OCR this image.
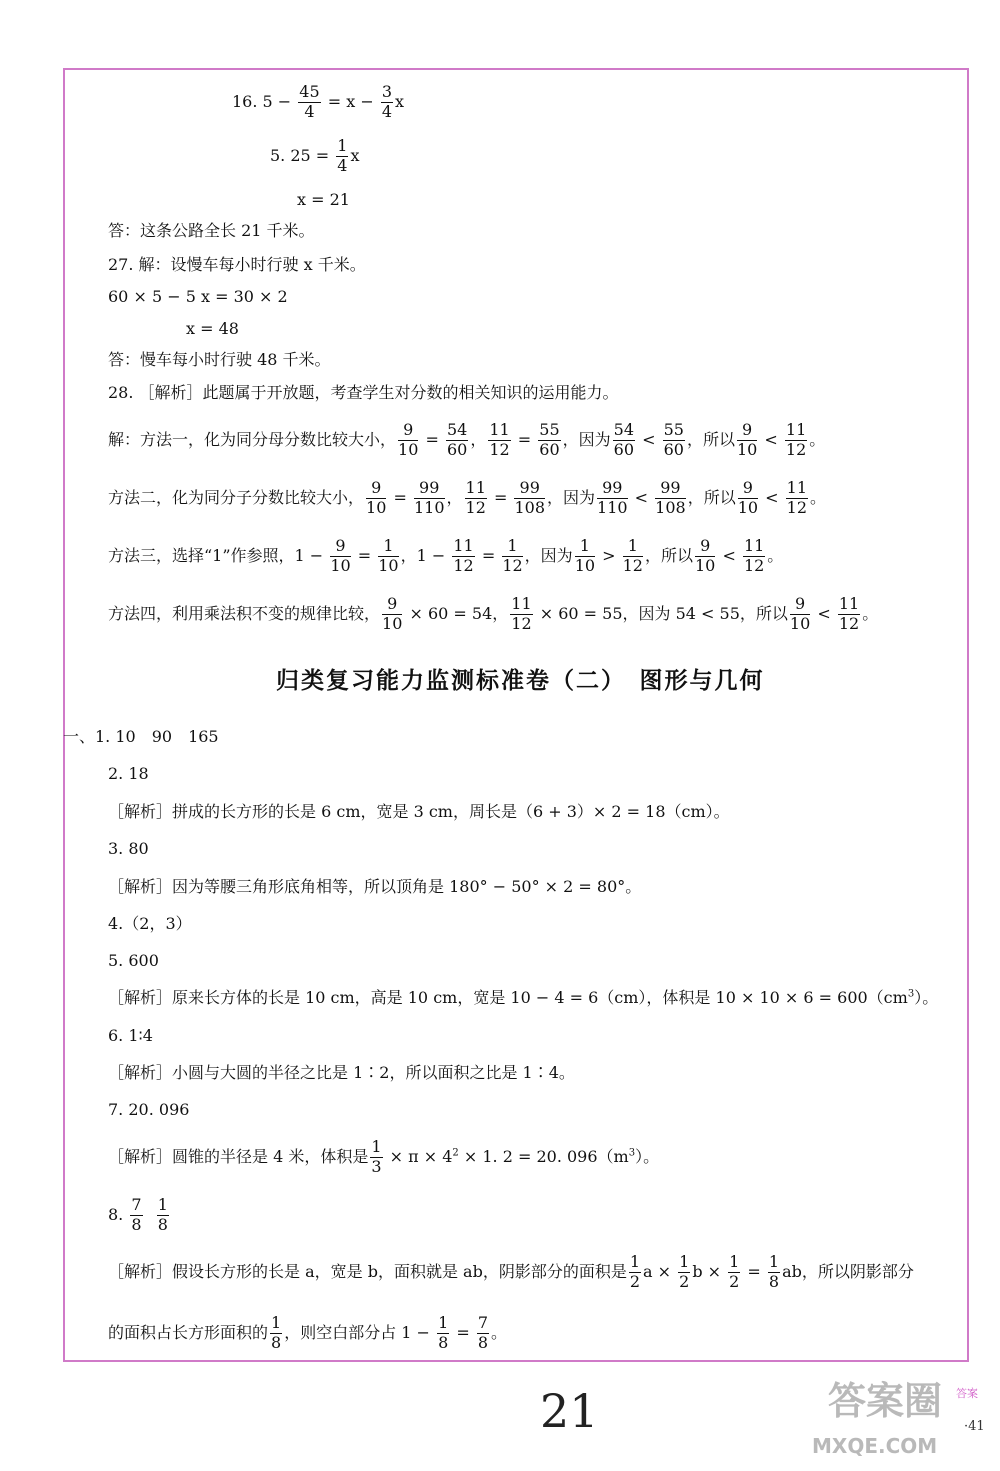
16. $5 - \frac{45}{4} = x - \frac{3}{4}$ x
5. $25 = \frac{1}{4}$ x
x = 21
答：这条公路全长 21 千米。
27. 解：设慢车每小时行驶 x 千米。
60 × 5 − 5 x = 30 × 2
x = 48
答：慢车每小时行驶 48 千米。
28. ［解析］此题属于开放题，考查学生对分数的相关知识的运用能力。
解：方法一，化为同分母分数比较大小， $\frac{9}{10} = \frac{54}{60}$ ， $\frac{11}{12} = \frac{55}{60}$ ，因为 $\frac{54}{60} < \frac{55}{60}$ ，所以 $\frac{9}{10} < \frac{11}{12}$ 。
方法二，化为同分子分数比较大小， $\frac{9}{10} = \frac{99}{110}$ ， $\frac{11}{12} = \frac{99}{108}$ ，因为 $\frac{99}{110} < \frac{99}{108}$ ，所以 $\frac{9}{10} < \frac{11}{12}$ 。
方法三，选择“1”作参照，$1 - \frac{9}{10} = \frac{1}{10}$ ，$1 - \frac{11}{12} = \frac{1}{12}$ ，因为 $\frac{1}{10} > \frac{1}{12}$ ，所以 $\frac{9}{10} < \frac{11}{12}$ 。
方法四，利用乘法积不变的规律比较， $\frac{9}{10} \times 60 = 54$， $\frac{11}{12} \times 60 = 55$，因为 54 < 55，所以 $\frac{9}{10} < \frac{11}{12}$ 。
归类复习能力监测标准卷（二）　图形与几何
一、1. 10　90　165
2. 18
［解析］拼成的长方形的长是 6 cm，宽是 3 cm，周长是（6 + 3）× 2 = 18（cm）。
3. 80
［解析］因为等腰三角形底角相等，所以顶角是 180° − 50° × 2 = 80°。
4.（2，3）
5. 600
［解析］原来长方体的长是 10 cm，高是 10 cm，宽是 10 − 4 = 6（cm），体积是 $10 \times 10 \times 6 = 600(cm^3)$。
6. 1∶4
［解析］小圆与大圆的半径之比是 1∶2，所以面积之比是 1∶4。
7. 20. 096
［解析］圆锥的半径是 4 米，体积是 $\frac{1}{3} \times \pi \times 4^2 \times 1$. 2 = 20. $096(m^3)$。
8. $\frac{7}{8}$
$\frac{1}{8}$
［解析］假设长方形的长是 a，宽是 b，面积就是 ab，阴影部分的面积是 $\frac{1}{2}$ $a \times \frac{1}{2}$ $b \times \frac{1}{2} = \frac{1}{8}$ ab，所以阴影部分
的面积占长方形面积的 $\frac{1}{8}$ ，则空白部分占 $1 - \frac{1}{8} = \frac{7}{8}$ 。
21	答案圈
MXQE.COM
答案
·41
